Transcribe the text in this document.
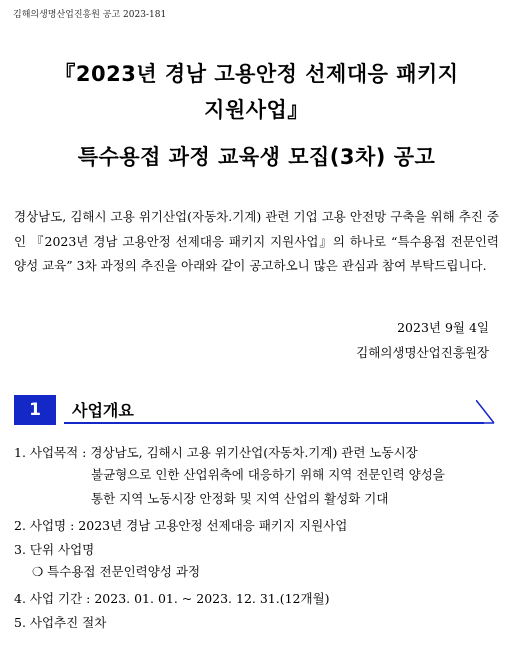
김해의생명산업진흥원 공고 2023-181
『2023년 경남 고용안정 선제대응 패키지
지원사업』
특수용접 과정 교육생 모집(3차) 공고
경상남도, 김해시 고용 위기산업(자동차.기계) 관련 기업 고용 안전망 구축을 위해 추진 중인 『2023년 경남 고용안정 선제대응 패키지 지원사업』의 하나로 “특수용접 전문인력양성 교육” 3차 과정의 추진을 아래와 같이 공고하오니 많은 관심과 참여 부탁드립니다.
2023년 9월 4일
김해의생명산업진흥원장
1	사업개요
1. 사업목적 : 경상남도, 김해시 고용 위기산업(자동차.기계) 관련 노동시장
불균형으로 인한 산업위축에 대응하기 위해 지역 전문인력 양성을
통한 지역 노동시장 안정화 및 지역 산업의 활성화 기대
2. 사업명 : 2023년 경남 고용안정 선제대응 패키지 지원사업
3. 단위 사업명
❍ 특수용접 전문인력양성 과정
4. 사업 기간 : 2023. 01. 01. ~ 2023. 12. 31.(12개월)
5. 사업추진 절차
